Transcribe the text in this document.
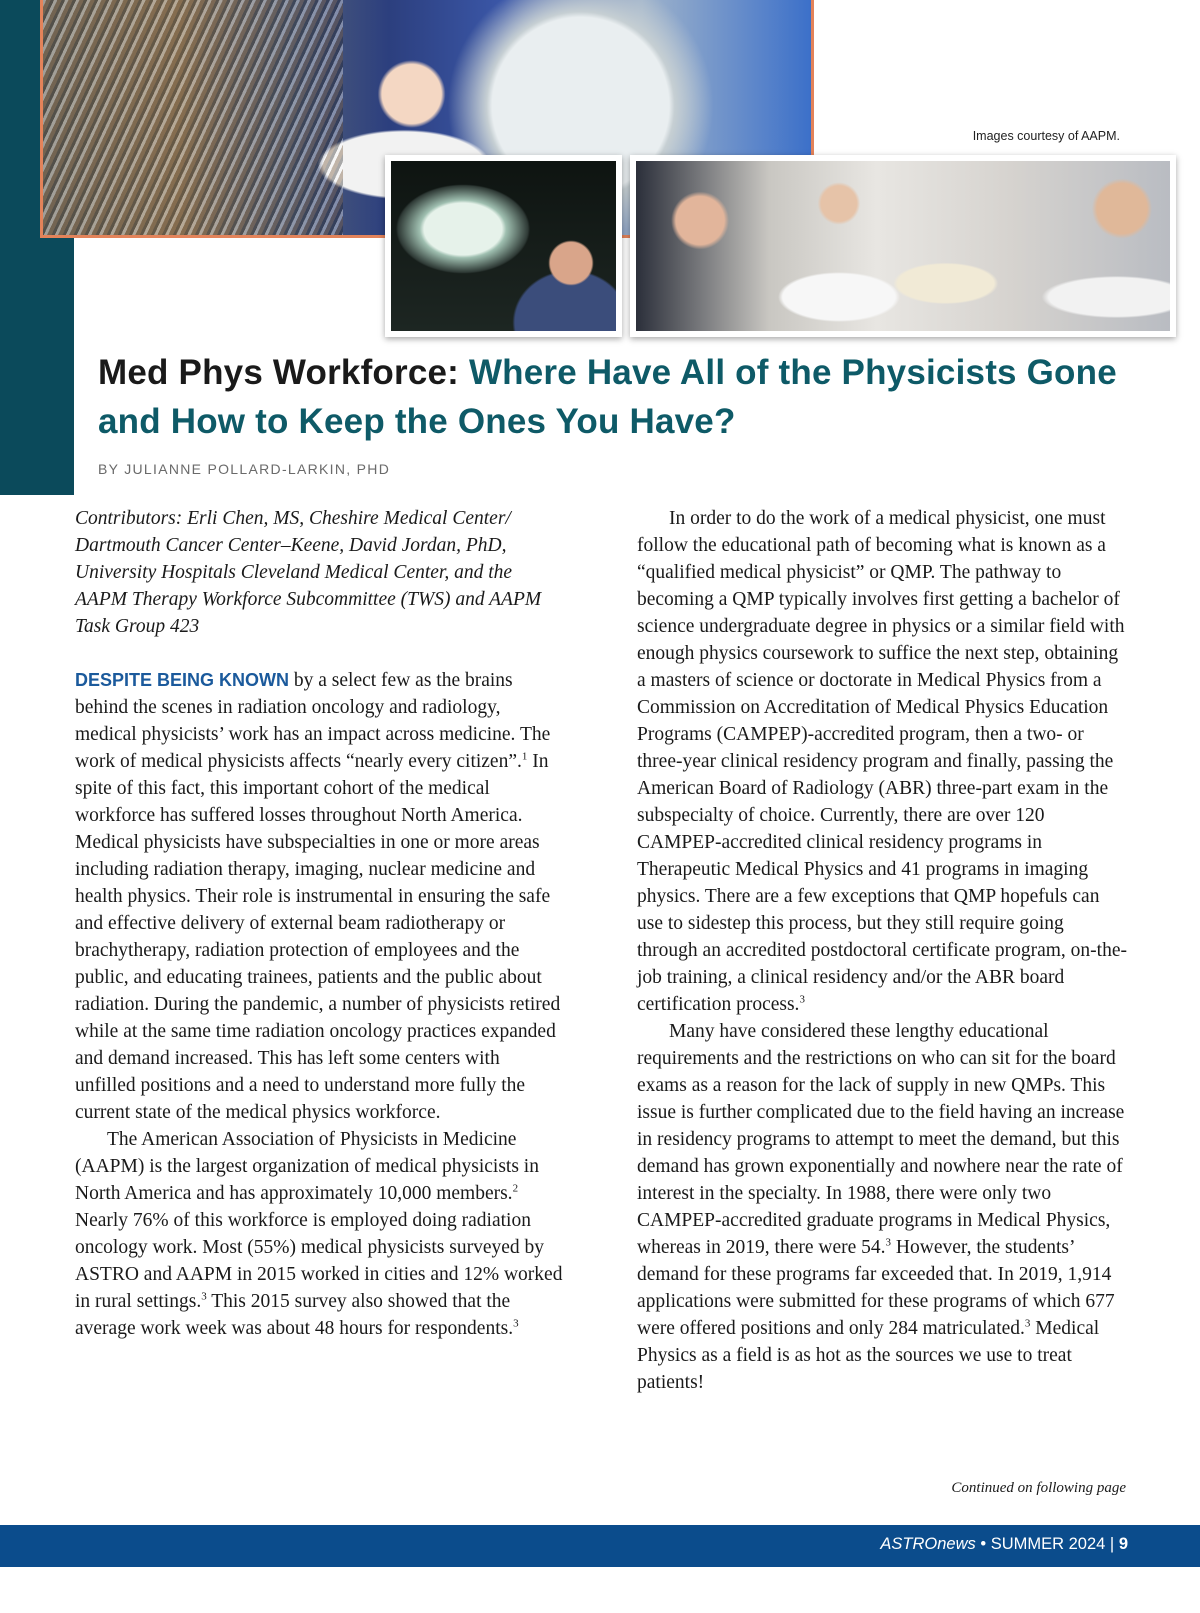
Images courtesy of AAPM.
Med Phys Workforce: Where Have All of the Physicists Gone and How to Keep the Ones You Have?
BY JULIANNE POLLARD-LARKIN, PHD

Contributors: Erli Chen, MS, Cheshire Medical Center/ Dartmouth Cancer Center–Keene, David Jordan, PhD, University Hospitals Cleveland Medical Center, and the AAPM Therapy Workforce Subcommittee (TWS) and AAPM Task Group 423

DESPITE BEING KNOWN by a select few as the brains behind the scenes in radiation oncology and radiology, medical physicists’ work has an impact across medicine. The work of medical physicists affects “nearly every citizen”.$^1$ In spite of this fact, this important cohort of the medical workforce has suffered losses throughout North America. Medical physicists have subspecialties in one or more areas including radiation therapy, imaging, nuclear medicine and health physics. Their role is instrumental in ensuring the safe and effective delivery of external beam radiotherapy or brachytherapy, radiation protection of employees and the public, and educating trainees, patients and the public about radiation. During the pandemic, a number of physicists retired while at the same time radiation oncology practices expanded and demand increased. This has left some centers with unfilled positions and a need to understand more fully the current state of the medical physics workforce.

The American Association of Physicists in Medicine (AAPM) is the largest organization of medical physicists in North America and has approximately 10,000 members.$^2$ Nearly 76% of this workforce is employed doing radiation oncology work. Most (55%) medical physicists surveyed by ASTRO and AAPM in 2015 worked in cities and 12% worked in rural settings.$^3$ This 2015 survey also showed that the average work week was about 48 hours for respondents.$^3$

In order to do the work of a medical physicist, one must follow the educational path of becoming what is known as a “qualified medical physicist” or QMP. The pathway to becoming a QMP typically involves first getting a bachelor of science undergraduate degree in physics or a similar field with enough physics coursework to suffice the next step, obtaining a masters of science or doctorate in Medical Physics from a Commission on Accreditation of Medical Physics Education Programs (CAMPEP)-accredited program, then a two- or three-year clinical residency program and finally, passing the American Board of Radiology (ABR) three-part exam in the subspecialty of choice. Currently, there are over 120 CAMPEP-accredited clinical residency programs in Therapeutic Medical Physics and 41 programs in imaging physics. There are a few exceptions that QMP hopefuls can use to sidestep this process, but they still require going through an accredited postdoctoral certificate program, on-the-job training, a clinical residency and/or the ABR board certification process.$^3$

Many have considered these lengthy educational requirements and the restrictions on who can sit for the board exams as a reason for the lack of supply in new QMPs. This issue is further complicated due to the field having an increase in residency programs to attempt to meet the demand, but this demand has grown exponentially and nowhere near the rate of interest in the specialty. In 1988, there were only two CAMPEP-accredited graduate programs in Medical Physics, whereas in 2019, there were 54.$^3$ However, the students’ demand for these programs far exceeded that. In 2019, 1,914 applications were submitted for these programs of which 677 were offered positions and only 284 matriculated.$^3$ Medical Physics as a field is as hot as the sources we use to treat patients!

Continued on following page
ASTROnews • SUMMER 2024 | 9
